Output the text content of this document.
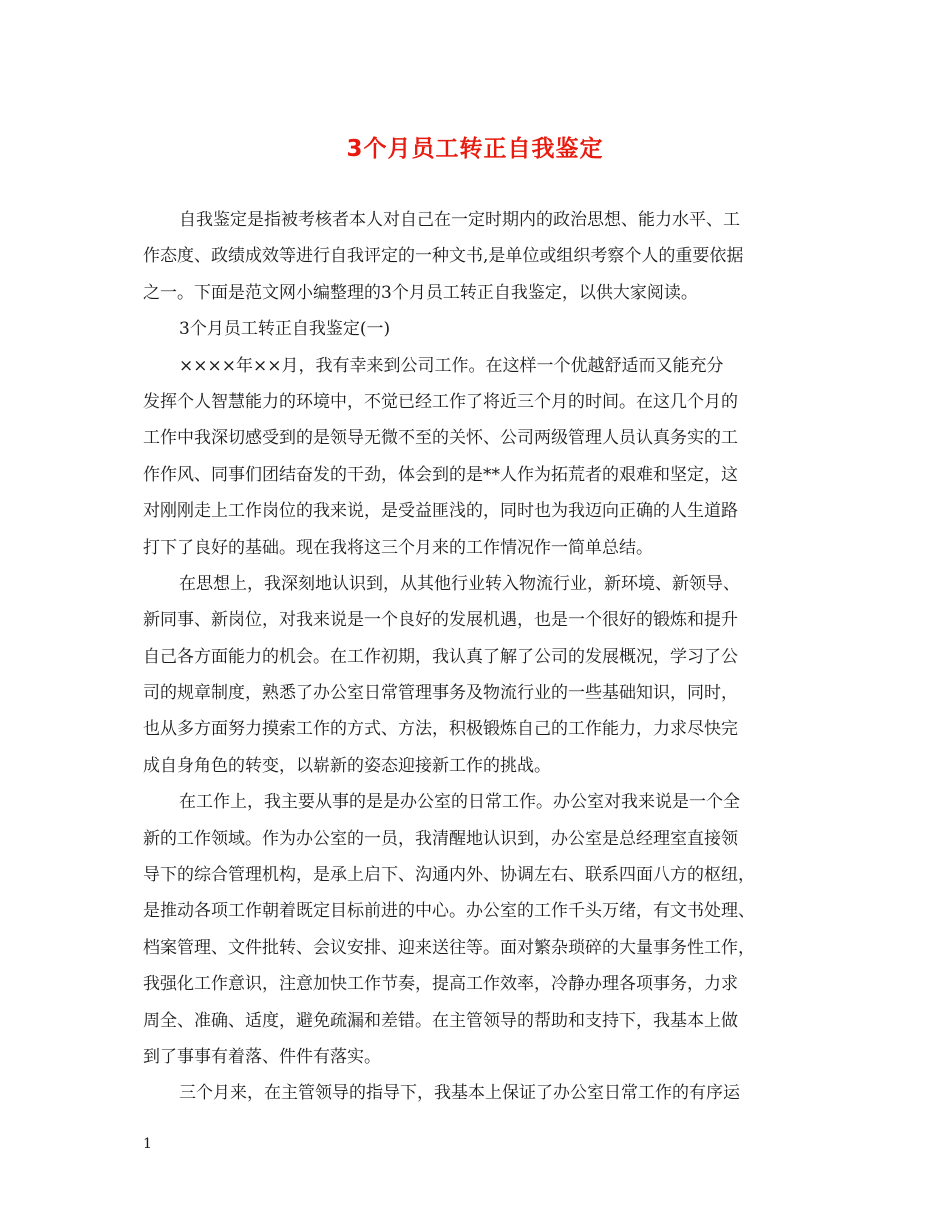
3个月员工转正自我鉴定
自我鉴定是指被考核者本人对自己在一定时期内的政治思想、能力水平、工
作态度、政绩成效等进行自我评定的一种文书,是单位或组织考察个人的重要依据
之一。下面是范文网小编整理的3个月员工转正自我鉴定，以供大家阅读。
3个月员工转正自我鉴定(一)
××××年××月，我有幸来到公司工作。在这样一个优越舒适而又能充分
发挥个人智慧能力的环境中，不觉已经工作了将近三个月的时间。在这几个月的
工作中我深切感受到的是领导无微不至的关怀、公司两级管理人员认真务实的工
作作风、同事们团结奋发的干劲，体会到的是**人作为拓荒者的艰难和坚定，这
对刚刚走上工作岗位的我来说，是受益匪浅的，同时也为我迈向正确的人生道路
打下了良好的基础。现在我将这三个月来的工作情况作一简单总结。
在思想上，我深刻地认识到，从其他行业转入物流行业，新环境、新领导、
新同事、新岗位，对我来说是一个良好的发展机遇，也是一个很好的锻炼和提升
自己各方面能力的机会。在工作初期，我认真了解了公司的发展概况，学习了公
司的规章制度，熟悉了办公室日常管理事务及物流行业的一些基础知识，同时，
也从多方面努力摸索工作的方式、方法，积极锻炼自己的工作能力，力求尽快完
成自身角色的转变，以崭新的姿态迎接新工作的挑战。
在工作上，我主要从事的是是办公室的日常工作。办公室对我来说是一个全
新的工作领域。作为办公室的一员，我清醒地认识到，办公室是总经理室直接领
导下的综合管理机构，是承上启下、沟通内外、协调左右、联系四面八方的枢纽，
是推动各项工作朝着既定目标前进的中心。办公室的工作千头万绪，有文书处理、
档案管理、文件批转、会议安排、迎来送往等。面对繁杂琐碎的大量事务性工作，
我强化工作意识，注意加快工作节奏，提高工作效率，冷静办理各项事务，力求
周全、准确、适度，避免疏漏和差错。在主管领导的帮助和支持下，我基本上做
到了事事有着落、件件有落实。
三个月来，在主管领导的指导下，我基本上保证了办公室日常工作的有序运
1
